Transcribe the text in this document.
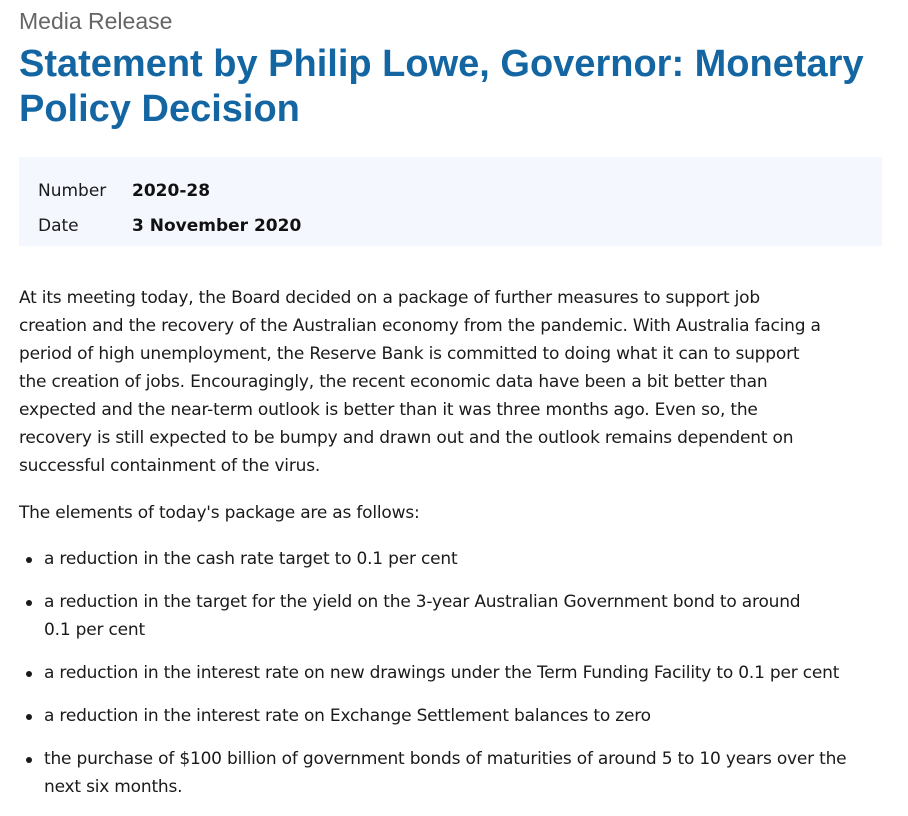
Media Release

Statement by Philip Lowe, Governor: Monetary Policy Decision
Number	2020-28
Date	3 November 2020

At its meeting today, the Board decided on a package of further measures to support job creation and the recovery of the Australian economy from the pandemic. With Australia facing a period of high unemployment, the Reserve Bank is committed to doing what it can to support the creation of jobs. Encouragingly, the recent economic data have been a bit better than expected and the near-term outlook is better than it was three months ago. Even so, the recovery is still expected to be bumpy and drawn out and the outlook remains dependent on successful containment of the virus.

The elements of today's package are as follows:

a reduction in the cash rate target to 0.1 per cent
a reduction in the target for the yield on the 3-year Australian Government bond to around 0.1 per cent
a reduction in the interest rate on new drawings under the Term Funding Facility to 0.1 per cent
a reduction in the interest rate on Exchange Settlement balances to zero
the purchase of $100 billion of government bonds of maturities of around 5 to 10 years over the next six months.
